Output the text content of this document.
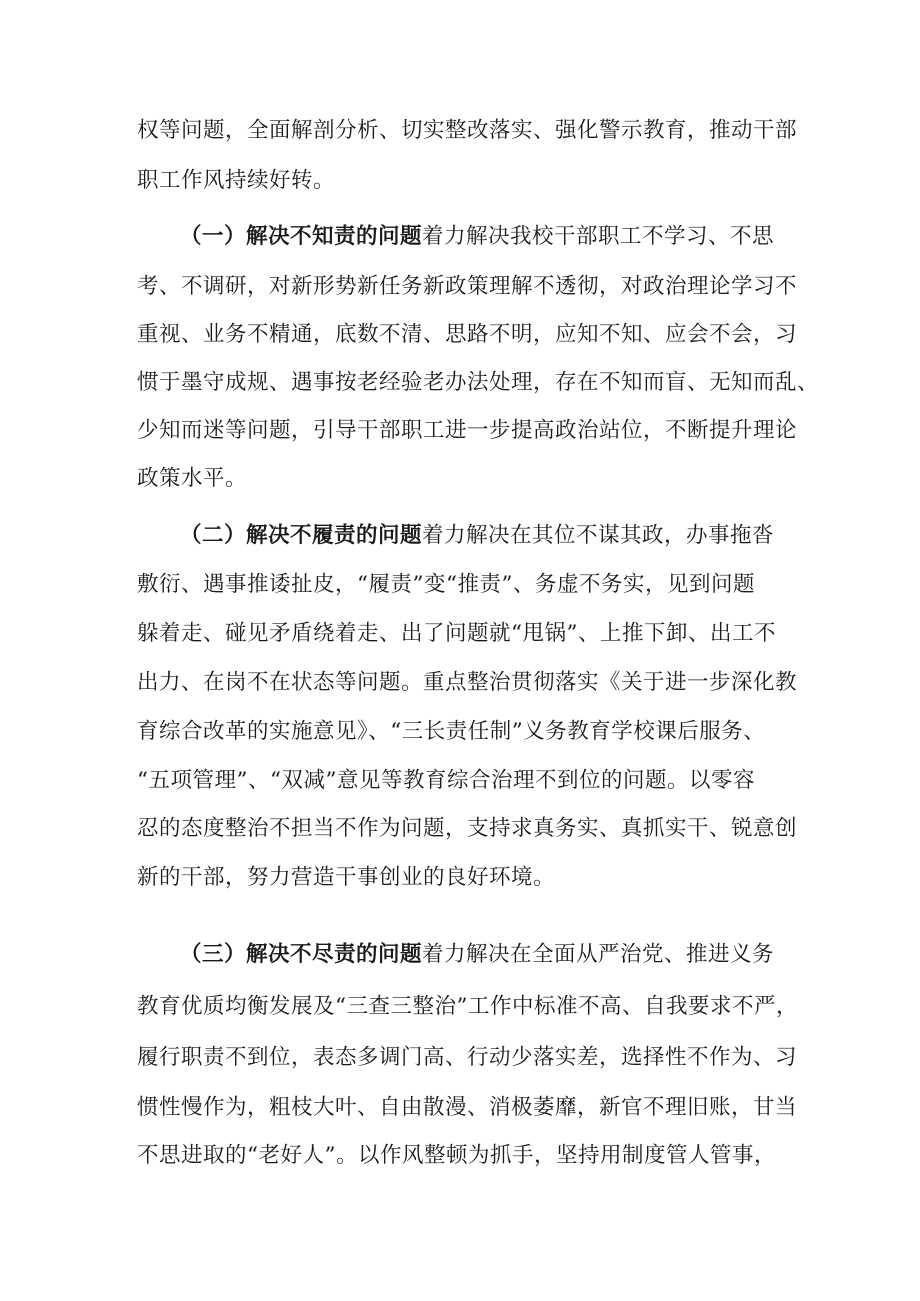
权等问题，全面解剖分析、切实整改落实、强化警示教育，推动干部
职工作风持续好转。
（一）解决不知责的问题着力解决我校干部职工不学习、不思
考、不调研，对新形势新任务新政策理解不透彻，对政治理论学习不
重视、业务不精通，底数不清、思路不明，应知不知、应会不会，习
惯于墨守成规、遇事按老经验老办法处理，存在不知而盲、无知而乱、
少知而迷等问题，引导干部职工进一步提高政治站位，不断提升理论
政策水平。
（二）解决不履责的问题着力解决在其位不谋其政，办事拖沓
敷衍、遇事推诿扯皮，“履责”变“推责”、务虚不务实，见到问题
躲着走、碰见矛盾绕着走、出了问题就“甩锅”、上推下卸、出工不
出力、在岗不在状态等问题。重点整治贯彻落实《关于进一步深化教
育综合改革的实施意见》、“三长责任制”义务教育学校课后服务、
“五项管理”、“双减”意见等教育综合治理不到位的问题。以零容
忍的态度整治不担当不作为问题，支持求真务实、真抓实干、锐意创
新的干部，努力营造干事创业的良好环境。
（三）解决不尽责的问题着力解决在全面从严治党、推进义务
教育优质均衡发展及“三查三整治”工作中标准不高、自我要求不严，
履行职责不到位，表态多调门高、行动少落实差，选择性不作为、习
惯性慢作为，粗枝大叶、自由散漫、消极萎靡，新官不理旧账，甘当
不思进取的“老好人”。以作风整顿为抓手，坚持用制度管人管事，
